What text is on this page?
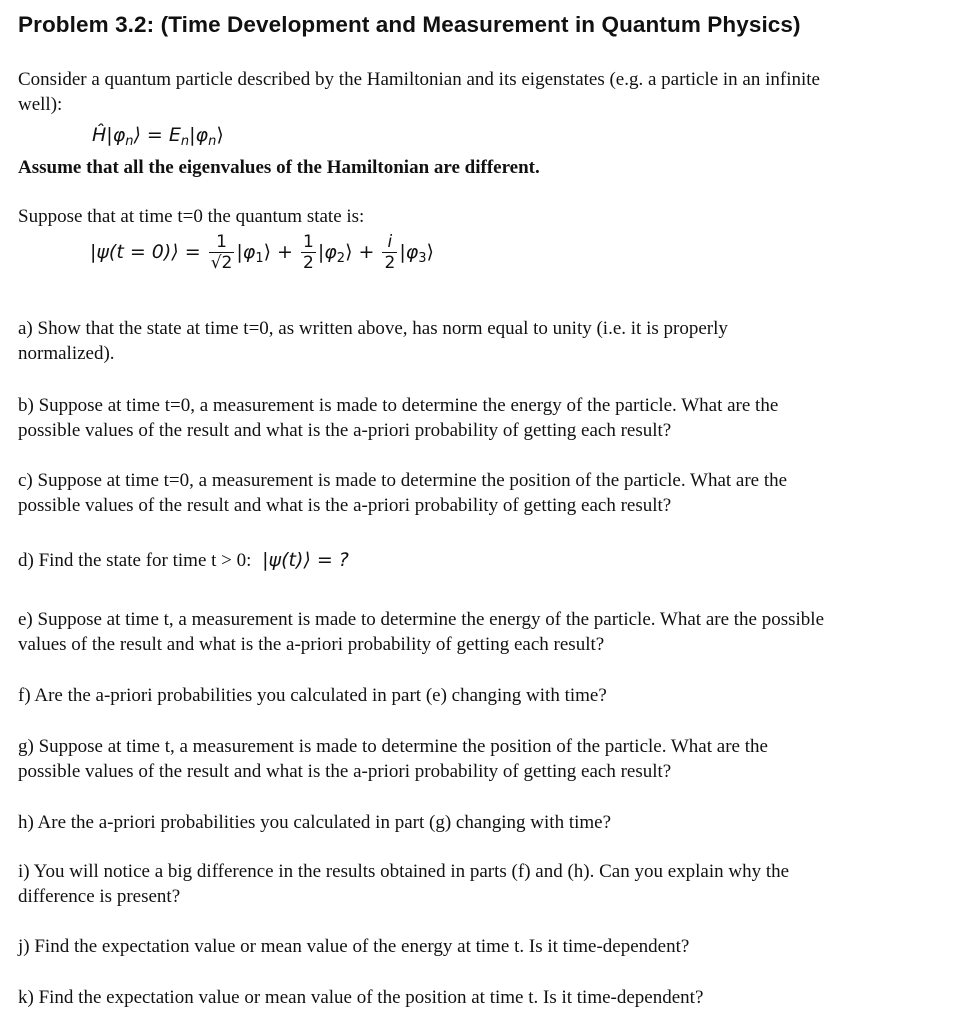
Problem 3.2: (Time Development and Measurement in Quantum Physics)
Consider a quantum particle described by the Hamiltonian and its eigenstates (e.g. a particle in an infinite
well):
$Ĥ|\varphi_n⟩$ = $E_n|\varphi_n⟩$
Assume that all the eigenvalues of the Hamiltonian are different.
Suppose that at time t=0 the quantum state is:
|ψ(t = 0)⟩ = $\frac{1}{√2}$ $|\varphi_1⟩ + \frac{1}{2}$ $|\varphi_2⟩ + \frac{i}{2}$ $|\varphi_3⟩$
a) Show that the state at time t=0, as written above, has norm equal to unity (i.e. it is properly
normalized).
b) Suppose at time t=0, a measurement is made to determine the energy of the particle. What are the
possible values of the result and what is the a-priori probability of getting each result?
c) Suppose at time t=0, a measurement is made to determine the position of the particle. What are the
possible values of the result and what is the a-priori probability of getting each result?
d) Find the state for time t > 0: |ψ(t)⟩ = ?
e) Suppose at time t, a measurement is made to determine the energy of the particle. What are the possible
values of the result and what is the a-priori probability of getting each result?
f) Are the a-priori probabilities you calculated in part (e) changing with time?
g) Suppose at time t, a measurement is made to determine the position of the particle. What are the
possible values of the result and what is the a-priori probability of getting each result?
h) Are the a-priori probabilities you calculated in part (g) changing with time?
i) You will notice a big difference in the results obtained in parts (f) and (h). Can you explain why the
difference is present?
j) Find the expectation value or mean value of the energy at time t. Is it time-dependent?
k) Find the expectation value or mean value of the position at time t. Is it time-dependent?
